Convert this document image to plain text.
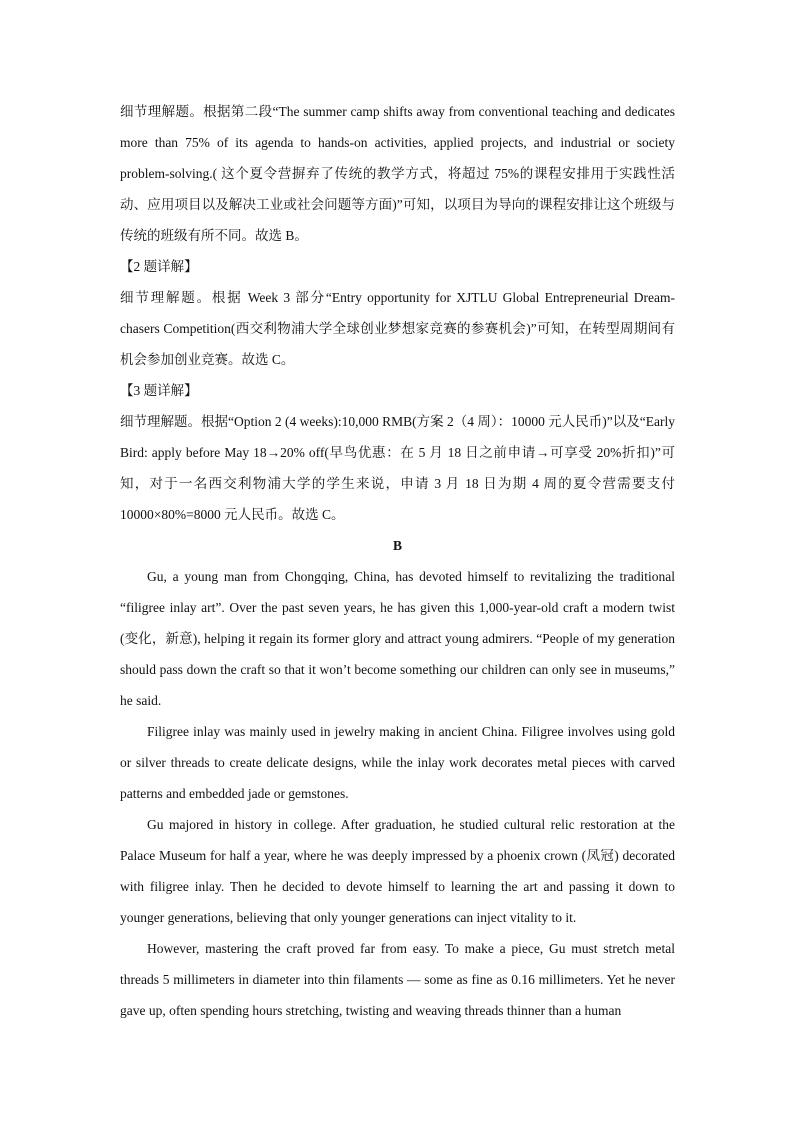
细节理解题。根据第二段“The summer camp shifts away from conventional teaching and dedicates more than 75% of its agenda to hands-on activities, applied projects, and industrial or society problem-solving.( 这个夏令营摒弃了传统的教学方式，将超过 75%的课程安排用于实践性活动、应用项目以及解决工业或社会问题等方面)”可知，以项目为导向的课程安排让这个班级与传统的班级有所不同。故选 B。

【2 题详解】

细节理解题。根据 Week 3 部分“Entry opportunity for XJTLU Global Entrepreneurial Dream-chasers Competition(西交利物浦大学全球创业梦想家竞赛的参赛机会)”可知，在转型周期间有机会参加创业竞赛。故选 C。

【3 题详解】

细节理解题。根据“Option 2 (4 weeks):10,000 RMB(方案 2（4 周）：10000 元人民币)”以及“Early Bird: apply before May 18→20% off(早鸟优惠：在 5 月 18 日之前申请→可享受 20%折扣)”可知，对于一名西交利物浦大学的学生来说，申请 3 月 18 日为期 4 周的夏令营需要支付 10000×80%=8000 元人民币。故选 C。

B

Gu, a young man from Chongqing, China, has devoted himself to revitalizing the traditional “filigree inlay art”. Over the past seven years, he has given this 1,000-year-old craft a modern twist (变化，新意), helping it regain its former glory and attract young admirers. “People of my generation should pass down the craft so that it won’t become something our children can only see in museums,” he said.

Filigree inlay was mainly used in jewelry making in ancient China. Filigree involves using gold or silver threads to create delicate designs, while the inlay work decorates metal pieces with carved patterns and embedded jade or gemstones.

Gu majored in history in college. After graduation, he studied cultural relic restoration at the Palace Museum for half a year, where he was deeply impressed by a phoenix crown (凤冠) decorated with filigree inlay. Then he decided to devote himself to learning the art and passing it down to younger generations, believing that only younger generations can inject vitality to it.

However, mastering the craft proved far from easy. To make a piece, Gu must stretch metal threads 5 millimeters in diameter into thin filaments — some as fine as 0.16 millimeters. Yet he never gave up, often spending hours stretching, twisting and weaving threads thinner than a human
